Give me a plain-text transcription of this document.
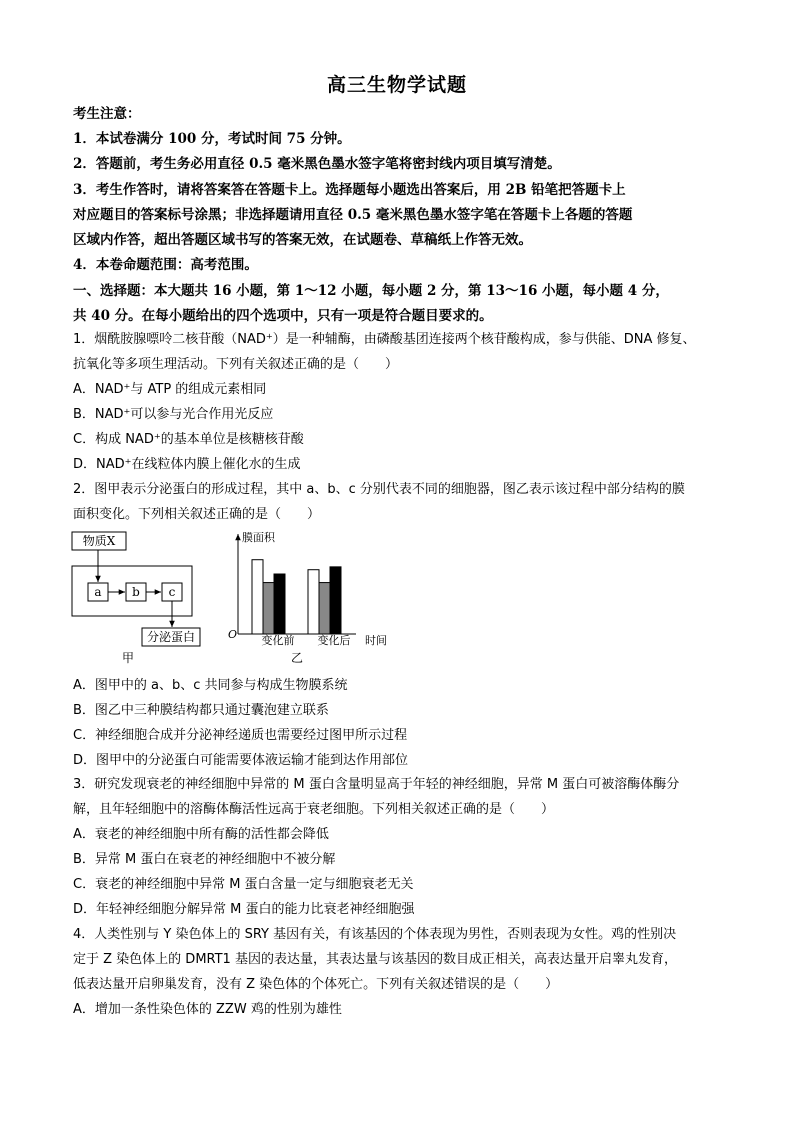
高三生物学试题
考生注意：
1．本试卷满分 100 分，考试时间 75 分钟。
2．答题前，考生务必用直径 0.5 毫米黑色墨水签字笔将密封线内项目填写清楚。
3．考生作答时，请将答案答在答题卡上。选择题每小题选出答案后，用 2B 铅笔把答题卡上
对应题目的答案标号涂黑；非选择题请用直径 0.5 毫米黑色墨水签字笔在答题卡上各题的答题
区域内作答，超出答题区域书写的答案无效，在试题卷、草稿纸上作答无效。
4．本卷命题范围：高考范围。
一、选择题：本大题共 16 小题，第 1～12 小题，每小题 2 分，第 13～16 小题，每小题 4 分，
共 40 分。在每小题给出的四个选项中，只有一项是符合题目要求的。
1．烟酰胺腺嘌呤二核苷酸（NAD⁺）是一种辅酶，由磷酸基团连接两个核苷酸构成，参与供能、DNA 修复、
抗氧化等多项生理活动。下列有关叙述正确的是（　　）
A．NAD⁺与 ATP 的组成元素相同
B．NAD⁺可以参与光合作用光反应
C．构成 NAD⁺的基本单位是核糖核苷酸
D．NAD⁺在线粒体内膜上催化水的生成
2．图甲表示分泌蛋白的形成过程，其中 a、b、c 分别代表不同的细胞器，图乙表示该过程中部分结构的膜
面积变化。下列相关叙述正确的是（　　）
物质X
a	b c
分泌蛋白
甲
膜面积
O	时间
变化前 变化后
乙
A．图甲中的 a、b、c 共同参与构成生物膜系统
B．图乙中三种膜结构都只通过囊泡建立联系
C．神经细胞合成并分泌神经递质也需要经过图甲所示过程
D．图甲中的分泌蛋白可能需要体液运输才能到达作用部位
3．研究发现衰老的神经细胞中异常的 M 蛋白含量明显高于年轻的神经细胞，异常 M 蛋白可被溶酶体酶分
解，且年轻细胞中的溶酶体酶活性远高于衰老细胞。下列相关叙述正确的是（　　）
A．衰老的神经细胞中所有酶的活性都会降低
B．异常 M 蛋白在衰老的神经细胞中不被分解
C．衰老的神经细胞中异常 M 蛋白含量一定与细胞衰老无关
D．年轻神经细胞分解异常 M 蛋白的能力比衰老神经细胞强
4．人类性别与 Y 染色体上的 SRY 基因有关，有该基因的个体表现为男性，否则表现为女性。鸡的性别决
定于 Z 染色体上的 DMRT1 基因的表达量，其表达量与该基因的数目成正相关，高表达量开启睾丸发育，
低表达量开启卵巢发育，没有 Z 染色体的个体死亡。下列有关叙述错误的是（　　）
A．增加一条性染色体的 ZZW 鸡的性别为雄性
